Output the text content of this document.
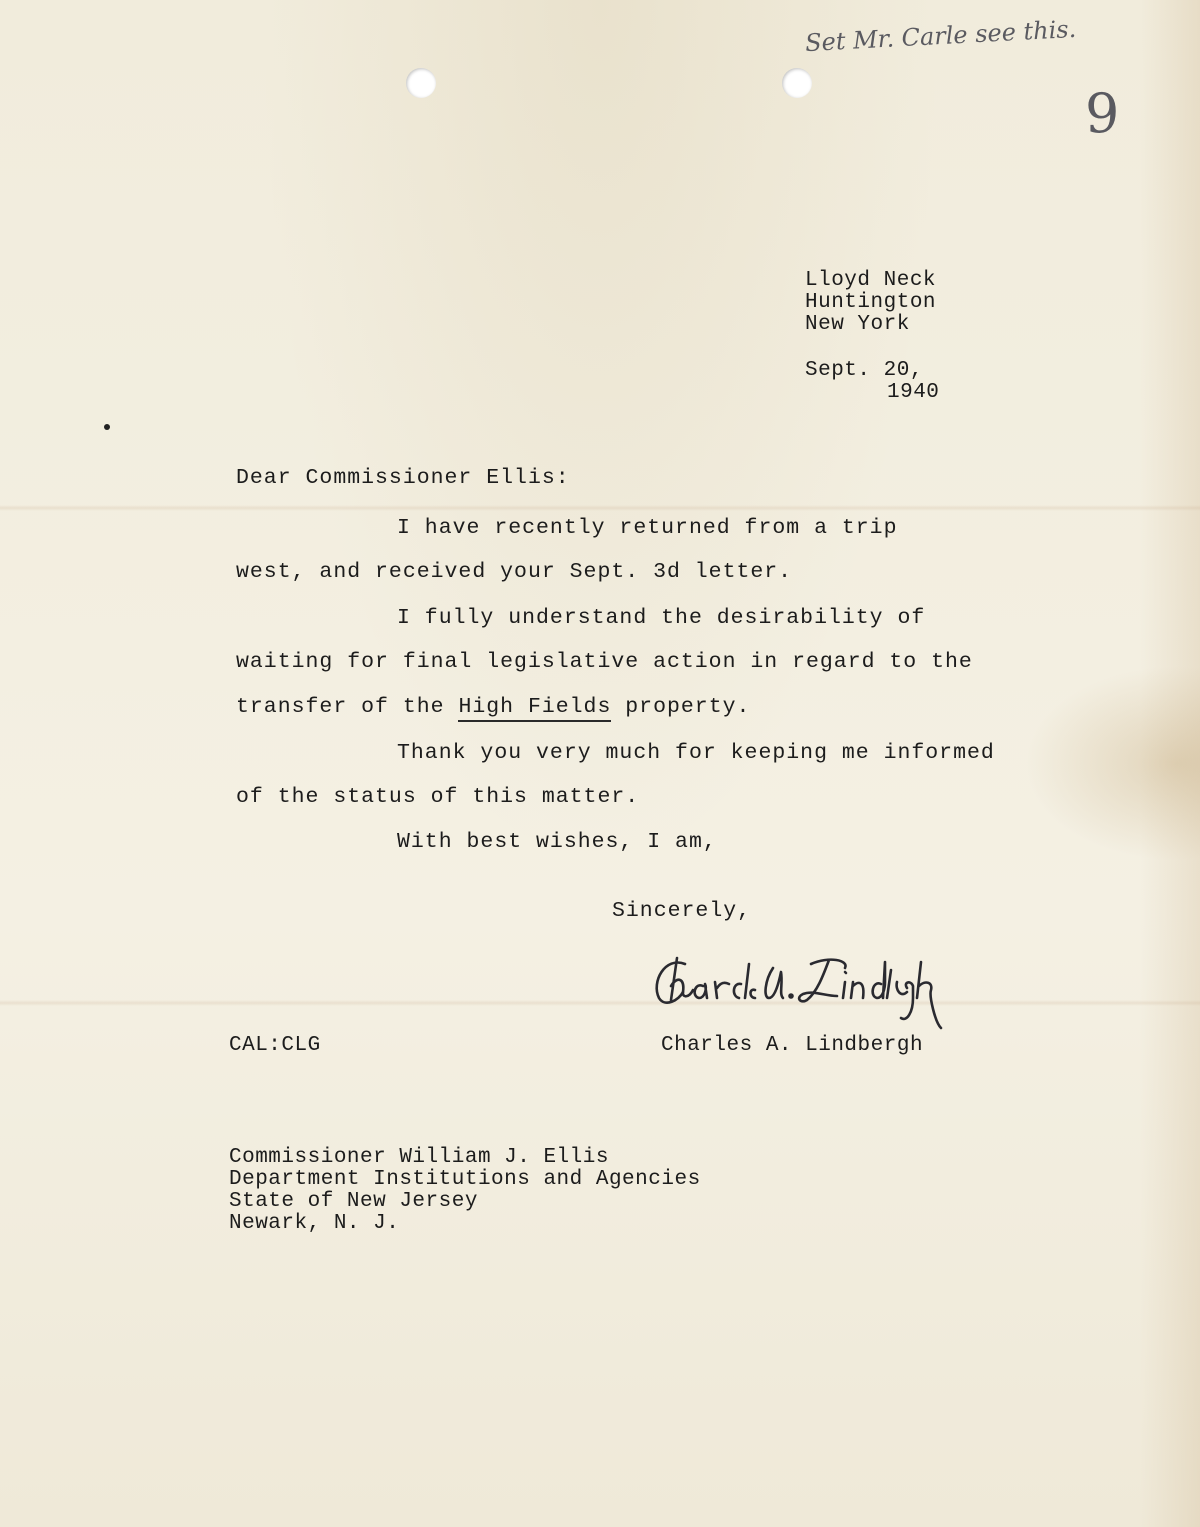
Set Mr. Carle see this.
9
Lloyd Neck
Huntington
New York
Sept. 20,
1940
Dear Commissioner Ellis:
I have recently returned from a trip
west, and received your Sept. 3d letter.
I fully understand the desirability of
waiting for final legislative action in regard to the
transfer of the High Fields property.
Thank you very much for keeping me informed
of the status of this matter.
With best wishes, I am,
Sincerely,
CAL:CLG	Charles A. Lindbergh
Commissioner William J. Ellis
Department Institutions and Agencies
State of New Jersey
Newark, N. J.
